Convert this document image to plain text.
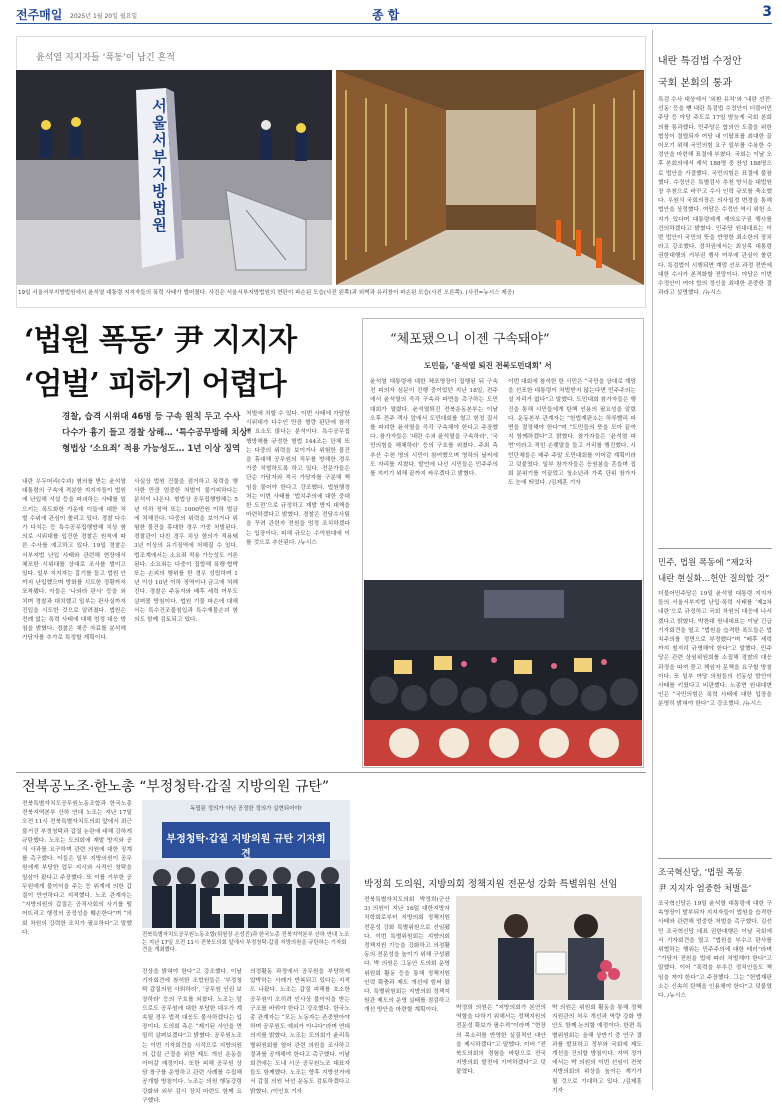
전주매일 2025년 1월 20일 월요일	종 합	3
윤석열 지지자들 ‘폭동’이 남긴 흔적
서울서부지방법원
19일 서울서부지방법원에서 윤석열 대통령 지지자들의 폭력 사태가 벌어졌다. 사진은 서울서부지방법원의 현판이 파손된 모습(사진 왼쪽)과 외벽과 유리창이 파손된 모습(사진 오른쪽). (사진=뉴시스 제공)
‘법원 폭동’ 尹 지지자
‘엄벌’ 피하기 어렵다
경찰, 습격 시위대 46명 등 구속 원칙 두고 수사
다수가 흉기 들고 경찰 상해… ‘특수공무방해 치상’
형법상 ‘소요죄’ 적용 가능성도… 1년 이상 징역
내란 우두머리(수괴) 혐의를 받는 윤석열 대통령의 구속에 격분한 지지자들이 법원에 난입해 시설 등을 파괴하는 사태를 일으키는 폭도화한 가운데 이들에 대한 처벌 수위에 관심이 쏠리고 있다. 경찰 다수가 다치는 등 특수공무집행방해 치상 혐의로 시위대를 입건한 경찰은 원칙에 따른 수사를 예고하고 있다. 19일 경찰은 서부지법 난입 사태와 관련해 현장에서 체포한 시위대를 상대로 조사를 벌이고 있다. 일부 지지자는 흉기를 들고 법원 안까지 난입했으며 방화를 시도한 정황까지 포착됐다. 이들은 ‘나와라 판사’ 등을 외치며 경찰과 대치했고 일부는 판사실까지 진입을 시도한 것으로 알려졌다. 법원은 전례 없는 폭력 사태에 대해 엄정 대응 방침을 밝혔다. 경찰은 채증 자료를 분석해 가담자를 추가로 특정할 계획이다.
사실상 법원 건물을 점거하고 폭력을 행사한 만큼 엄중한 처벌이 불가피하다는 분석이 나온다. 형법상 공무집행방해는 5년 이하 징역 또는 1000만원 이하 벌금에 처해진다. 다중의 위력을 보이거나 위험한 물건을 휴대한 경우 가중 처벌된다. 경찰관이 다친 경우 치상 혐의가 적용돼 3년 이상의 유기징역에 처해질 수 있다. 법조계에서는 소요죄 적용 가능성도 거론된다. 소요죄는 다중이 집합해 폭행·협박 또는 손괴의 행위를 한 경우 성립하며 1년 이상 10년 이하 징역이나 금고에 처해진다. 경찰은 주동자와 배후 세력 여부도 살펴볼 방침이다. 법원 기물 파손에 대해서는 특수건조물침입과 특수재물손괴 혐의도 함께 검토되고 있다.
처벌에 처할 수 있다. 이번 사태에 가담한 시위대가 다수인 만큼 형량 판단에 참작될 요소도 많다는 분석이다. 특수공무집행방해를 규정한 형법 144조는 단체 또는 다중의 위력을 보이거나 위험한 물건을 휴대해 공무원의 직무를 방해한 경우 가중 처벌하도록 하고 있다. 전문가들은 단순 가담자와 적극 가담자를 구분해 책임을 물어야 한다고 강조했다. 법원행정처는 이번 사태를 ‘법치주의에 대한 중대한 도전’으로 규정하고 재발 방지 대책을 마련하겠다고 밝혔다. 경찰은 전담수사팀을 꾸려 관련자 전원을 엄정 조치하겠다는 입장이다. 피해 규모는 수억원대에 이를 것으로 추산된다. /뉴시스
“체포됐으니 이젠 구속돼야”
도민들, ‘윤석열 퇴진 전북도민대회’ 서
윤석열 대통령에 대한 체포영장이 집행된 뒤 구속 전 피의자 심문이 진행 중이었던 지난 18일, 전주에서 윤석열의 즉각 구속과 파면을 촉구하는 도민대회가 열렸다. 윤석열퇴진 전북운동본부는 이날 오후 전주 객사 앞에서 도민대회를 열고 헌정 질서를 파괴한 윤석열을 즉각 구속해야 한다고 주장했다. 참가자들은 ‘내란 수괴 윤석열을 구속하라’, ‘국민의힘을 해체하라’ 등의 구호를 외쳤다. 주최 측 추산 수천 명의 시민이 참여했으며 영하의 날씨에도 자리를 지켰다. 발언에 나선 시민들은 민주주의를 지키기 위해 끝까지 싸우겠다고 밝혔다.
이번 대회에 참석한 한 시민은 “국민을 상대로 계엄을 선포한 대통령이 처벌받지 않는다면 민주주의는 설 자리가 없다”고 말했다. 도민대회 참가자들은 행진을 통해 시민들에게 탄핵 인용의 필요성을 알렸다. 운동본부 관계자는 “헌법재판소는 하루빨리 파면을 결정해야 한다”며 “도민들의 뜻을 모아 끝까지 함께하겠다”고 밝혔다. 참가자들은 ‘윤석열 파면’이라고 적힌 손팻말을 들고 거리를 행진했다. 시민단체들은 매주 주말 도민대회를 이어갈 계획이라고 덧붙였다. 일부 참가자들은 응원봉을 흔들며 집회 분위기를 이끌었고 청소년과 가족 단위 참가자도 눈에 띄었다. /김제훈 기자
전북공노조·한노총 “부정청탁·갑질 지방의원 규탄”
전북특별자치도공무원노동조합과 한국노총 전북지역본부 산하 연대 노조는 지난 17일 오전 11시 전북특별자치도의회 앞에서 최근 불거진 부정청탁과 갑질 논란에 대해 강하게 규탄했다. 노조는 도의회에 재발 방지와 공식 사과를 요구하며 관련 의원에 대한 징계를 촉구했다. 이들은 일부 지방의원이 공무원에게 부당한 업무 지시와 사적인 청탁을 일삼아 왔다고 주장했다. 또 이를 거부한 공무원에게 불이익을 주는 등 위계에 의한 갑질이 만연하다고 지적했다. 노조 관계자는 “지방의원의 갑질은 공직사회의 사기를 떨어뜨리고 행정의 공정성을 훼손한다”며 “의회 차원의 강력한 조치가 필요하다”고 말했다.
독립된 정의가 아닌 공정한 정의가 실현되어야!
부정청탁·갑질 지방의원 규탄 기자회견
전북특별자치도공무원노동조합(위원장 손성진)과 한국노총 전북지역본부 산하 연대 노조는 지난 17일 오전 11시 전북도의회 앞에서 부정청탁·갑질 지방의원을 규탄하는 기자회견을 개최했다.
진상을 밝혀야 한다”고 강조했다. 이날 기자회견에 참석한 조합원들은 ‘부정청탁 갑질의원 사퇴하라’, ‘공무원 인권 보장하라’ 등의 구호를 외쳤다. 노조는 앞으로도 공무원에 대한 부당한 대우가 계속될 경우 법적 대응도 불사하겠다는 입장이다. 도의회 측은 “제기된 사안을 면밀히 살펴보겠다”고 밝혔다. 공무원노조는 이번 기자회견을 시작으로 지방의원의 갑질 근절을 위한 제도 개선 운동을 이어갈 예정이다. 또한 피해 공무원 상담 창구를 운영하고 관련 사례를 수집해 공개할 방침이다. 노조는 의원 행동강령 강화와 외부 감시 장치 마련도 함께 요구했다.
의정활동 과정에서 공무원을 부당하게 압박하는 사례가 반복되고 있다는 지적도 나왔다. 노조는 갑질 피해를 호소한 공무원이 오히려 인사상 불이익을 받는 구조를 바꿔야 한다고 강조했다. 한국노총 관계자는 “모든 노동자는 존중받아야 하며 공무원도 예외가 아니다”라며 연대 의지를 밝혔다. 노조는 도의회가 윤리특별위원회를 열어 관련 의원을 조사하고 결과를 공개해야 한다고 촉구했다. 이날 회견에는 도내 시군 공무원노조 대표자들도 함께했다. 노조는 향후 지방선거에서 갑질 의원 낙선 운동도 검토하겠다고 밝혔다. /이인호 기자
박정희 도의원, 지방의회 정책지원 전문성 강화 특별위원 선임
전북특별자치도의회 박정희(군산3) 의원이 지난 16일 대한지방자치학회로부터 지방의회 정책지원 전문성 강화 특별위원으로 선임됐다. 이번 특별위원회는 지방의회 정책지원 기능을 강화하고 의정활동의 전문성을 높이기 위해 구성됐다. 박 의원은 그동안 도의회 운영위원회 활동 등을 통해 정책지원 인력 확충과 제도 개선에 힘써 왔다. 특별위원회는 지방의회 정책지원관 제도의 운영 실태를 점검하고 개선 방안을 마련할 계획이다.	박정희 의원은 “지방의회가 본연의 역할을 다하기 위해서는 정책지원의 전문성 확보가 필수적”이라며 “현장의 목소리를 반영한 실질적인 대안을 제시하겠다”고 말했다. 이어 “전북도의회의 경험을 바탕으로 전국 지방의회 발전에 기여하겠다”고 덧붙였다.
박 의원은 위원회 활동을 통해 정책지원관의 처우 개선과 역량 강화 방안도 함께 논의할 예정이다. 한편 특별위원회는 올해 상반기 중 연구 결과를 발표하고 정부와 국회에 제도 개선을 건의할 방침이다. 지역 정가에서는 박 의원의 이번 선임이 전북 지방의회의 위상을 높이는 계기가 될 것으로 기대하고 있다. /김제훈 기자
내란 특검법 수정안
국회 본회의 통과
특검 수사 대상에서 ‘외환 유치’와 ‘내란 선전·선동’ 등을 뺀 내란 특검법 수정안이 더불어민주당 등 야당 주도로 17일 밤늦게 국회 본회의를 통과했다. 민주당은 합의안 도출을 위한 협상이 결렬되자 여당 내 이탈표를 최대한 끌어오기 위해 국민의힘 요구 일부를 수용한 수정안을 마련해 표결에 부쳤다. 국회는 이날 오후 본회의에서 재석 188명 중 찬성 188명으로 법안을 가결했다. 국민의힘은 표결에 불참했다. 수정안은 특별검사 추천 방식을 대법원장 추천으로 바꾸고 수사 인력 규모를 축소했다. 우원식 국회의장은 의사일정 변경을 통해 법안을 상정했다. 여당은 수정안 역시 위헌 소지가 있다며 대통령에게 재의요구권 행사를 건의하겠다고 밝혔다. 민주당 원내대표는 이번 법안이 국민의 뜻을 반영한 최소한의 장치라고 강조했다. 정치권에서는 최상목 대통령 권한대행의 거부권 행사 여부에 관심이 쏠린다. 특검법이 시행되면 계엄 선포 과정 전반에 대한 수사가 본격화할 전망이다. 야당은 이번 수정안이 여야 합의 정신을 최대한 존중한 결과라고 설명했다. /뉴시스
민주, 법원 폭동에 “제2차
내란 현실화…헌안 질의할 것”
더불어민주당은 19일 윤석열 대통령 지지자들의 서울서부지법 난입·폭력 사태를 ‘제2차 내란’으로 규정하고 국회 차원의 대응에 나서겠다고 밝혔다. 박찬대 원내대표는 이날 긴급 기자회견을 열고 “법원을 습격한 폭도들은 법치주의를 정면으로 부정했다”며 “배후 세력까지 철저히 규명해야 한다”고 말했다. 민주당은 관련 상임위원회를 소집해 경찰의 대응 과정을 따져 묻고 책임자 문책을 요구할 방침이다. 또 일부 여당 의원들의 선동성 발언이 사태를 키웠다고 비판했다. 노종면 원내대변인은 “국민의힘은 폭력 사태에 대한 입장을 분명히 밝혀야 한다”고 강조했다. /뉴시스
조국혁신당, ‘법원 폭동
尹 지지자 엄중한 처벌을’
조국혁신당은 19일 윤석열 대통령에 대한 구속영장이 발부되자 지지자들이 법원을 습격한 사태와 관련해 엄중한 처벌을 촉구했다. 김선민 조국혁신당 대표 권한대행은 이날 국회에서 기자회견을 열고 “법원을 부수고 판사를 위협하는 행위는 민주주의에 대한 테러”라며 “가담자 전원을 법에 따라 처벌해야 한다”고 말했다. 이어 “폭력을 부추긴 정치인들도 책임을 져야 한다”고 주장했다. 그는 “헌법재판소는 신속히 탄핵을 인용해야 한다”고 덧붙였다. /뉴시스
